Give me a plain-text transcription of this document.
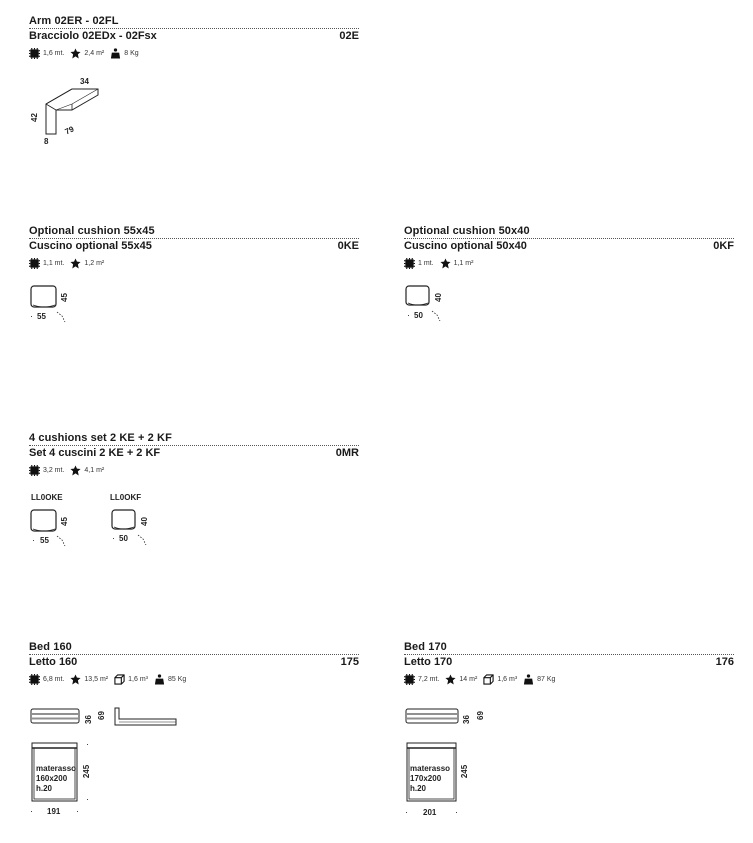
Arm 02ER - 02FL
Bracciolo 02EDx - 02Fsx	02E
1,6 mt.	2,4 m²	8 Kg
34
42
79
8
Optional cushion 55x45
Cuscino optional 55x45	0KE
1,1 mt.	1,2 m²
45
55
Optional cushion 50x40
Cuscino optional 50x40	0KF
1 mt.	1,1 m²
40
50
4 cushions set 2 KE + 2 KF
Set 4 cuscini 2 KE + 2 KF	0MR
3,2 mt.	4,1 m²
LL0OKE
45
55
LL0OKF
40
50
Bed 160
Letto 160	175
6,8 mt.	13,5 m²	1,6 m³	85 Kg
36 69
materasso
160x200
h.20
245
191
Bed 170
Letto 170	176
7,2 mt.	14 m²	1,6 m³	87 Kg
36 69
materasso
170x200
h.20
245
201
